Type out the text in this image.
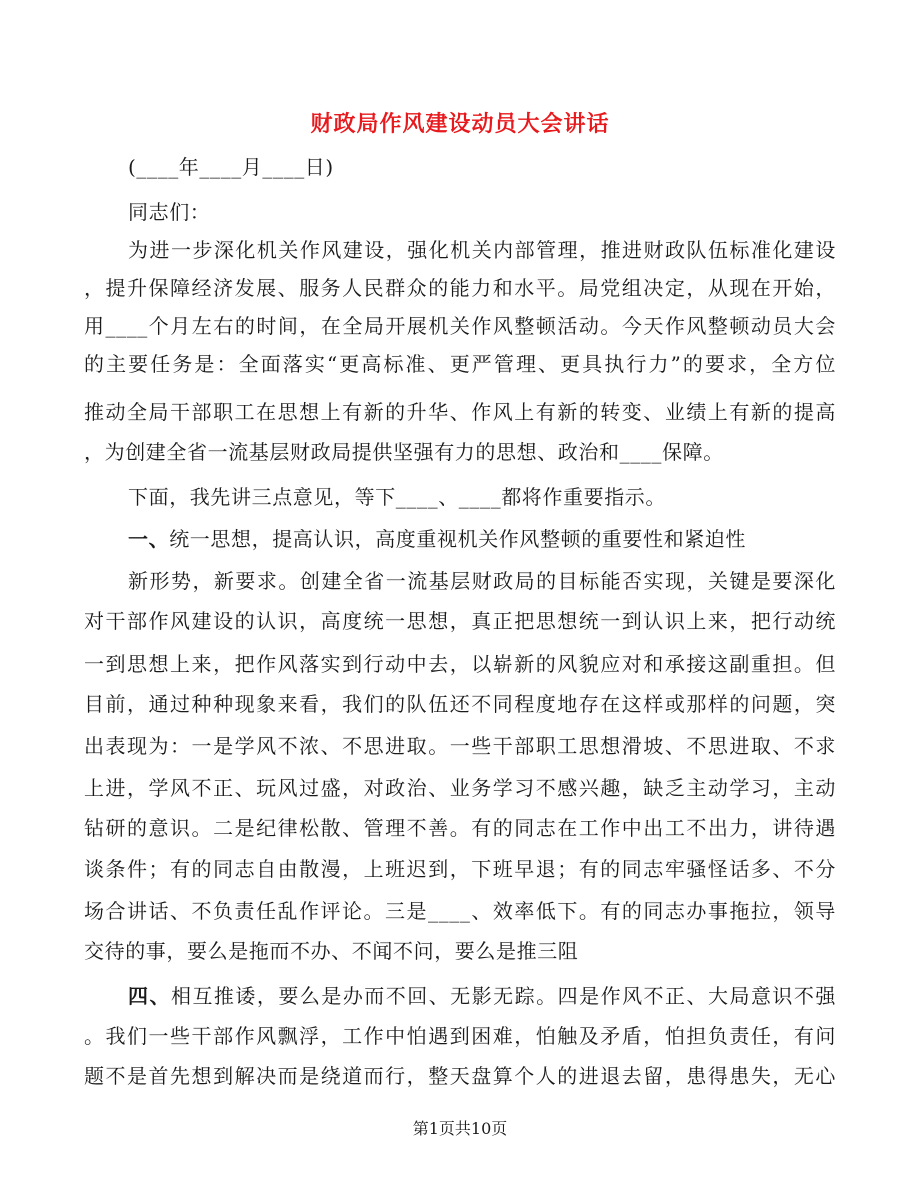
财政局作风建设动员大会讲话
(____年____月____日)
同志们：
为进一步深化机关作风建设，强化机关内部管理，推进财政队伍标准化建设
，提升保障经济发展、服务人民群众的能力和水平。局党组决定，从现在开始，
用____个月左右的时间，在全局开展机关作风整顿活动。今天作风整顿动员大会
的主要任务是：全面落实“更高标准、更严管理、更具执行力”的要求，全方位
推动全局干部职工在思想上有新的升华、作风上有新的转变、业绩上有新的提高
，为创建全省一流基层财政局提供坚强有力的思想、政治和____保障。
下面，我先讲三点意见，等下____、____都将作重要指示。
一、统一思想，提高认识，高度重视机关作风整顿的重要性和紧迫性
新形势，新要求。创建全省一流基层财政局的目标能否实现，关键是要深化
对干部作风建设的认识，高度统一思想，真正把思想统一到认识上来，把行动统
一到思想上来，把作风落实到行动中去，以崭新的风貌应对和承接这副重担。但
目前，通过种种现象来看，我们的队伍还不同程度地存在这样或那样的问题，突
出表现为：一是学风不浓、不思进取。一些干部职工思想滑坡、不思进取、不求
上进，学风不正、玩风过盛，对政治、业务学习不感兴趣，缺乏主动学习，主动
钻研的意识。二是纪律松散、管理不善。有的同志在工作中出工不出力，讲待遇
谈条件；有的同志自由散漫，上班迟到，下班早退；有的同志牢骚怪话多、不分
场合讲话、不负责任乱作评论。三是____、效率低下。有的同志办事拖拉，领导
交待的事，要么是拖而不办、不闻不问，要么是推三阻
四、相互推诿，要么是办而不回、无影无踪。四是作风不正、大局意识不强
。我们一些干部作风飘浮，工作中怕遇到困难，怕触及矛盾，怕担负责任，有问
题不是首先想到解决而是绕道而行，整天盘算个人的进退去留，患得患失，无心
第1页共10页
